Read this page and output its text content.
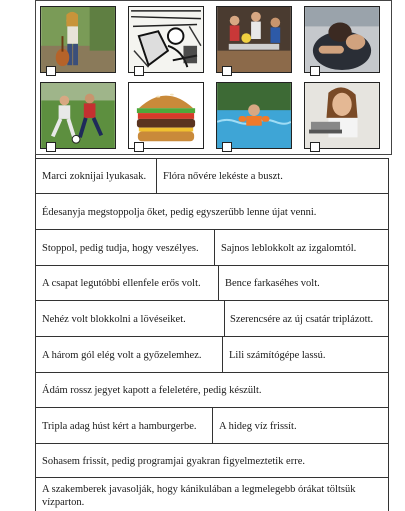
Marci zoknijai lyukasak. Flóra nővére lekéste a buszt.
Édesanyja megstoppolja őket, pedig egyszerűbb lenne újat venni.
Stoppol, pedig tudja, hogy veszélyes. Sajnos leblokkolt az izgalomtól.
A csapat legutóbbi ellenfele erős volt. Bence farkaséhes volt.
Nehéz volt blokkolni a lövéseiket.	Szerencsére az új csatár triplázott.
A három gól elég volt a győzelemhez.	Lili számítógépe lassú.
Ádám rossz jegyet kapott a feleletére, pedig készült.
Tripla adag húst kért a hamburgerbe. A hideg víz frissít.
Sohasem frissít, pedig programjai gyakran figyelmeztetik erre.
A szakemberek javasolják, hogy kánikulában a legmelegebb órákat töltsük vízparton.
